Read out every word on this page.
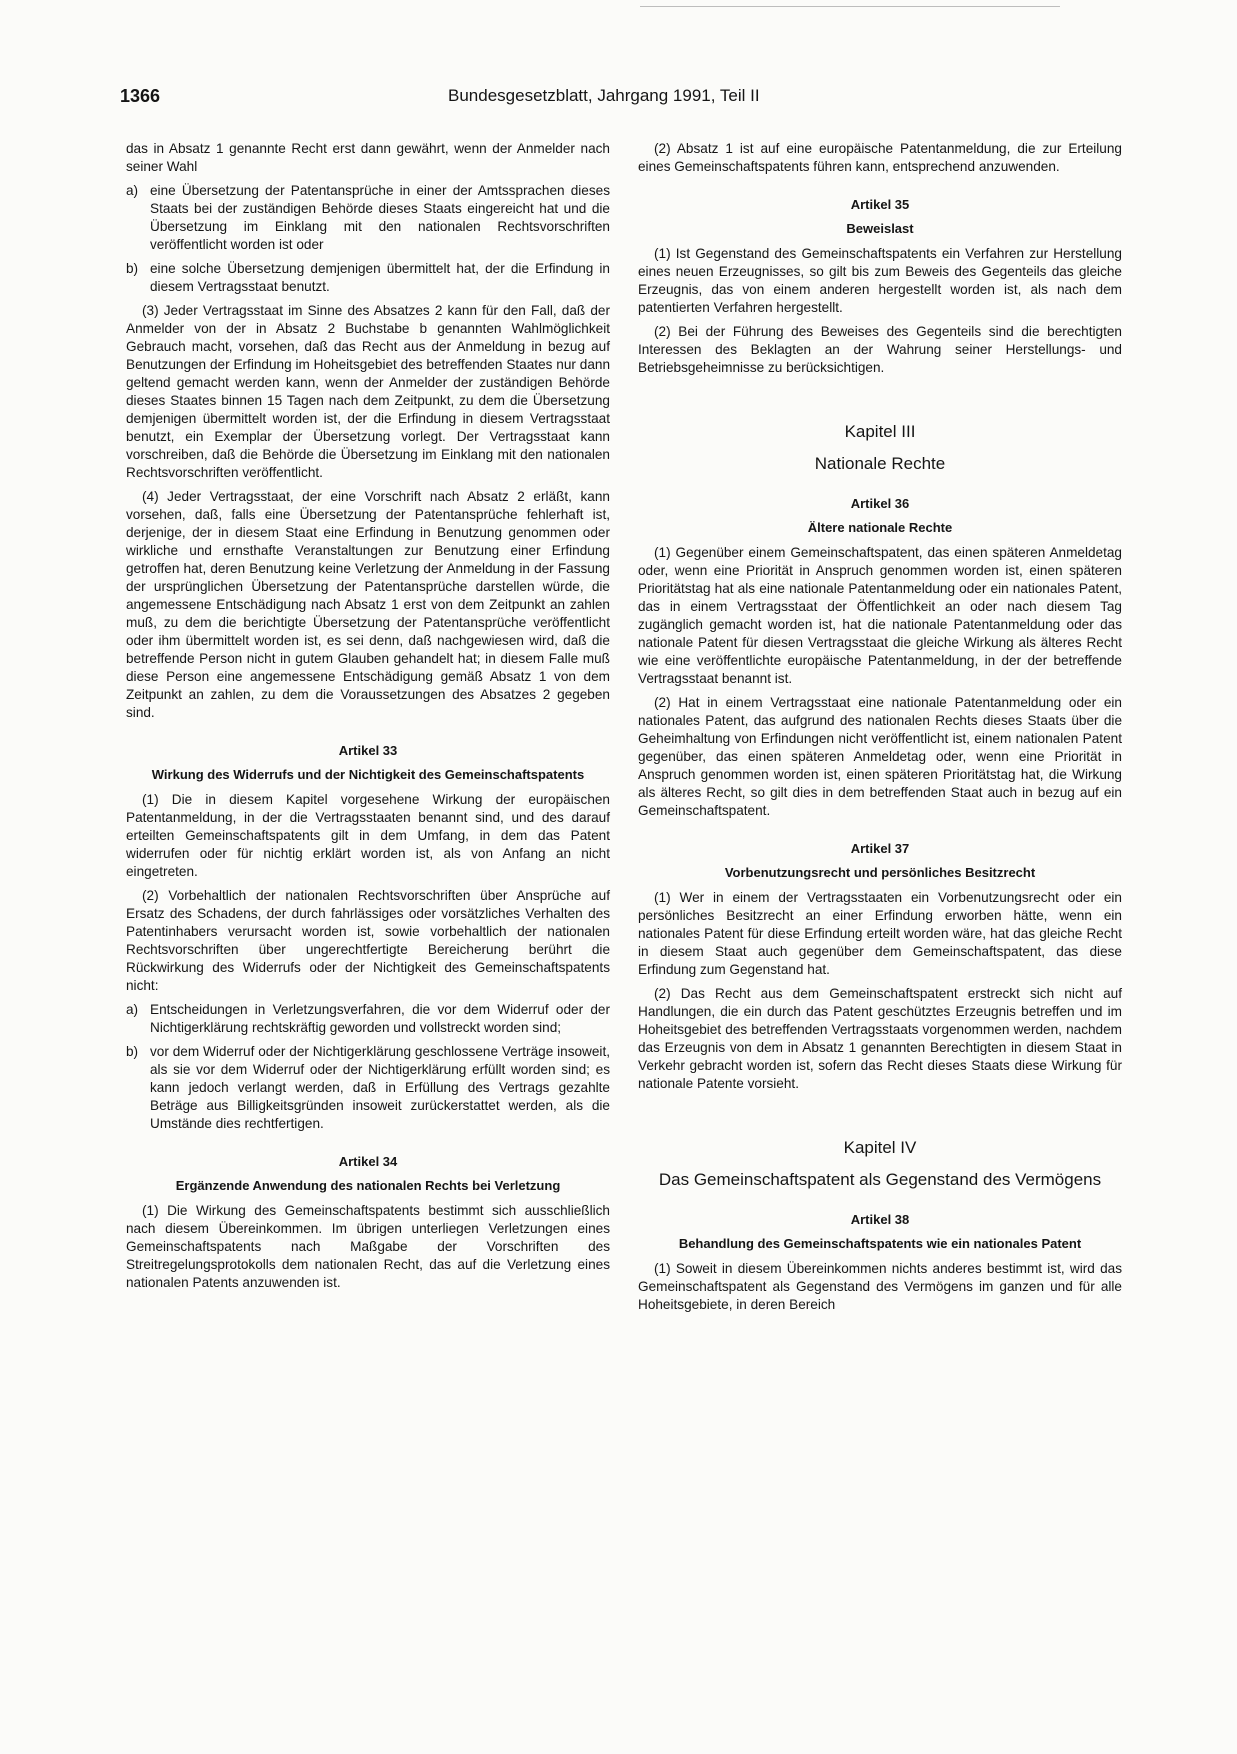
1366	Bundesgesetzblatt, Jahrgang 1991, Teil II

das in Absatz 1 genannte Recht erst dann gewährt, wenn der Anmelder nach seiner Wahl

a) eine Übersetzung der Patentansprüche in einer der Amtssprachen dieses Staats bei der zuständigen Behörde dieses Staats eingereicht hat und die Übersetzung im Einklang mit den nationalen Rechtsvorschriften veröffentlicht worden ist oder
b) eine solche Übersetzung demjenigen übermittelt hat, der die Erfindung in diesem Vertragsstaat benutzt.

(3) Jeder Vertragsstaat im Sinne des Absatzes 2 kann für den Fall, daß der Anmelder von der in Absatz 2 Buchstabe b genannten Wahlmöglichkeit Gebrauch macht, vorsehen, daß das Recht aus der Anmeldung in bezug auf Benutzungen der Erfindung im Hoheitsgebiet des betreffenden Staates nur dann geltend gemacht werden kann, wenn der Anmelder der zuständigen Behörde dieses Staates binnen 15 Tagen nach dem Zeitpunkt, zu dem die Übersetzung demjenigen übermittelt worden ist, der die Erfindung in diesem Vertragsstaat benutzt, ein Exemplar der Übersetzung vorlegt. Der Vertragsstaat kann vorschreiben, daß die Behörde die Übersetzung im Einklang mit den nationalen Rechtsvorschriften veröffentlicht.

(4) Jeder Vertragsstaat, der eine Vorschrift nach Absatz 2 erläßt, kann vorsehen, daß, falls eine Übersetzung der Patentansprüche fehlerhaft ist, derjenige, der in diesem Staat eine Erfindung in Benutzung genommen oder wirkliche und ernsthafte Veranstaltungen zur Benutzung einer Erfindung getroffen hat, deren Benutzung keine Verletzung der Anmeldung in der Fassung der ursprünglichen Übersetzung der Patentansprüche darstellen würde, die angemessene Entschädigung nach Absatz 1 erst von dem Zeitpunkt an zahlen muß, zu dem die berichtigte Übersetzung der Patentansprüche veröffentlicht oder ihm übermittelt worden ist, es sei denn, daß nachgewiesen wird, daß die betreffende Person nicht in gutem Glauben gehandelt hat; in diesem Falle muß diese Person eine angemessene Entschädigung gemäß Absatz 1 von dem Zeitpunkt an zahlen, zu dem die Voraussetzungen des Absatzes 2 gegeben sind.

Artikel 33
Wirkung des Widerrufs und der Nichtigkeit des Gemeinschaftspatents

(1) Die in diesem Kapitel vorgesehene Wirkung der europäischen Patentanmeldung, in der die Vertragsstaaten benannt sind, und des darauf erteilten Gemeinschaftspatents gilt in dem Umfang, in dem das Patent widerrufen oder für nichtig erklärt worden ist, als von Anfang an nicht eingetreten.

(2) Vorbehaltlich der nationalen Rechtsvorschriften über Ansprüche auf Ersatz des Schadens, der durch fahrlässiges oder vorsätzliches Verhalten des Patentinhabers verursacht worden ist, sowie vorbehaltlich der nationalen Rechtsvorschriften über ungerechtfertigte Bereicherung berührt die Rückwirkung des Widerrufs oder der Nichtigkeit des Gemeinschaftspatents nicht:

a) Entscheidungen in Verletzungsverfahren, die vor dem Widerruf oder der Nichtigerklärung rechtskräftig geworden und vollstreckt worden sind;
b) vor dem Widerruf oder der Nichtigerklärung geschlossene Verträge insoweit, als sie vor dem Widerruf oder der Nichtigerklärung erfüllt worden sind; es kann jedoch verlangt werden, daß in Erfüllung des Vertrags gezahlte Beträge aus Billigkeitsgründen insoweit zurückerstattet werden, als die Umstände dies rechtfertigen.
Artikel 34
Ergänzende Anwendung des nationalen Rechts bei Verletzung

(1) Die Wirkung des Gemeinschaftspatents bestimmt sich ausschließlich nach diesem Übereinkommen. Im übrigen unterliegen Verletzungen eines Gemeinschaftspatents nach Maßgabe der Vorschriften des Streitregelungsprotokolls dem nationalen Recht, das auf die Verletzung eines nationalen Patents anzuwenden ist.

(2) Absatz 1 ist auf eine europäische Patentanmeldung, die zur Erteilung eines Gemeinschaftspatents führen kann, entsprechend anzuwenden.

Artikel 35
Beweislast

(1) Ist Gegenstand des Gemeinschaftspatents ein Verfahren zur Herstellung eines neuen Erzeugnisses, so gilt bis zum Beweis des Gegenteils das gleiche Erzeugnis, das von einem anderen hergestellt worden ist, als nach dem patentierten Verfahren hergestellt.

(2) Bei der Führung des Beweises des Gegenteils sind die berechtigten Interessen des Beklagten an der Wahrung seiner Herstellungs- und Betriebsgeheimnisse zu berücksichtigen.

Kapitel III
Nationale Rechte
Artikel 36
Ältere nationale Rechte

(1) Gegenüber einem Gemeinschaftspatent, das einen späteren Anmeldetag oder, wenn eine Priorität in Anspruch genommen worden ist, einen späteren Prioritätstag hat als eine nationale Patentanmeldung oder ein nationales Patent, das in einem Vertragsstaat der Öffentlichkeit an oder nach diesem Tag zugänglich gemacht worden ist, hat die nationale Patentanmeldung oder das nationale Patent für diesen Vertragsstaat die gleiche Wirkung als älteres Recht wie eine veröffentlichte europäische Patentanmeldung, in der der betreffende Vertragsstaat benannt ist.

(2) Hat in einem Vertragsstaat eine nationale Patentanmeldung oder ein nationales Patent, das aufgrund des nationalen Rechts dieses Staats über die Geheimhaltung von Erfindungen nicht veröffentlicht ist, einem nationalen Patent gegenüber, das einen späteren Anmeldetag oder, wenn eine Priorität in Anspruch genommen worden ist, einen späteren Prioritätstag hat, die Wirkung als älteres Recht, so gilt dies in dem betreffenden Staat auch in bezug auf ein Gemeinschaftspatent.

Artikel 37
Vorbenutzungsrecht und persönliches Besitzrecht

(1) Wer in einem der Vertragsstaaten ein Vorbenutzungsrecht oder ein persönliches Besitzrecht an einer Erfindung erworben hätte, wenn ein nationales Patent für diese Erfindung erteilt worden wäre, hat das gleiche Recht in diesem Staat auch gegenüber dem Gemeinschaftspatent, das diese Erfindung zum Gegenstand hat.

(2) Das Recht aus dem Gemeinschaftspatent erstreckt sich nicht auf Handlungen, die ein durch das Patent geschütztes Erzeugnis betreffen und im Hoheitsgebiet des betreffenden Vertragsstaats vorgenommen werden, nachdem das Erzeugnis von dem in Absatz 1 genannten Berechtigten in diesem Staat in Verkehr gebracht worden ist, sofern das Recht dieses Staats diese Wirkung für nationale Patente vorsieht.

Kapitel IV
Das Gemeinschaftspatent als Gegenstand des Vermögens
Artikel 38
Behandlung des Gemeinschaftspatents wie ein nationales Patent

(1) Soweit in diesem Übereinkommen nichts anderes bestimmt ist, wird das Gemeinschaftspatent als Gegenstand des Vermögens im ganzen und für alle Hoheitsgebiete, in deren Bereich
